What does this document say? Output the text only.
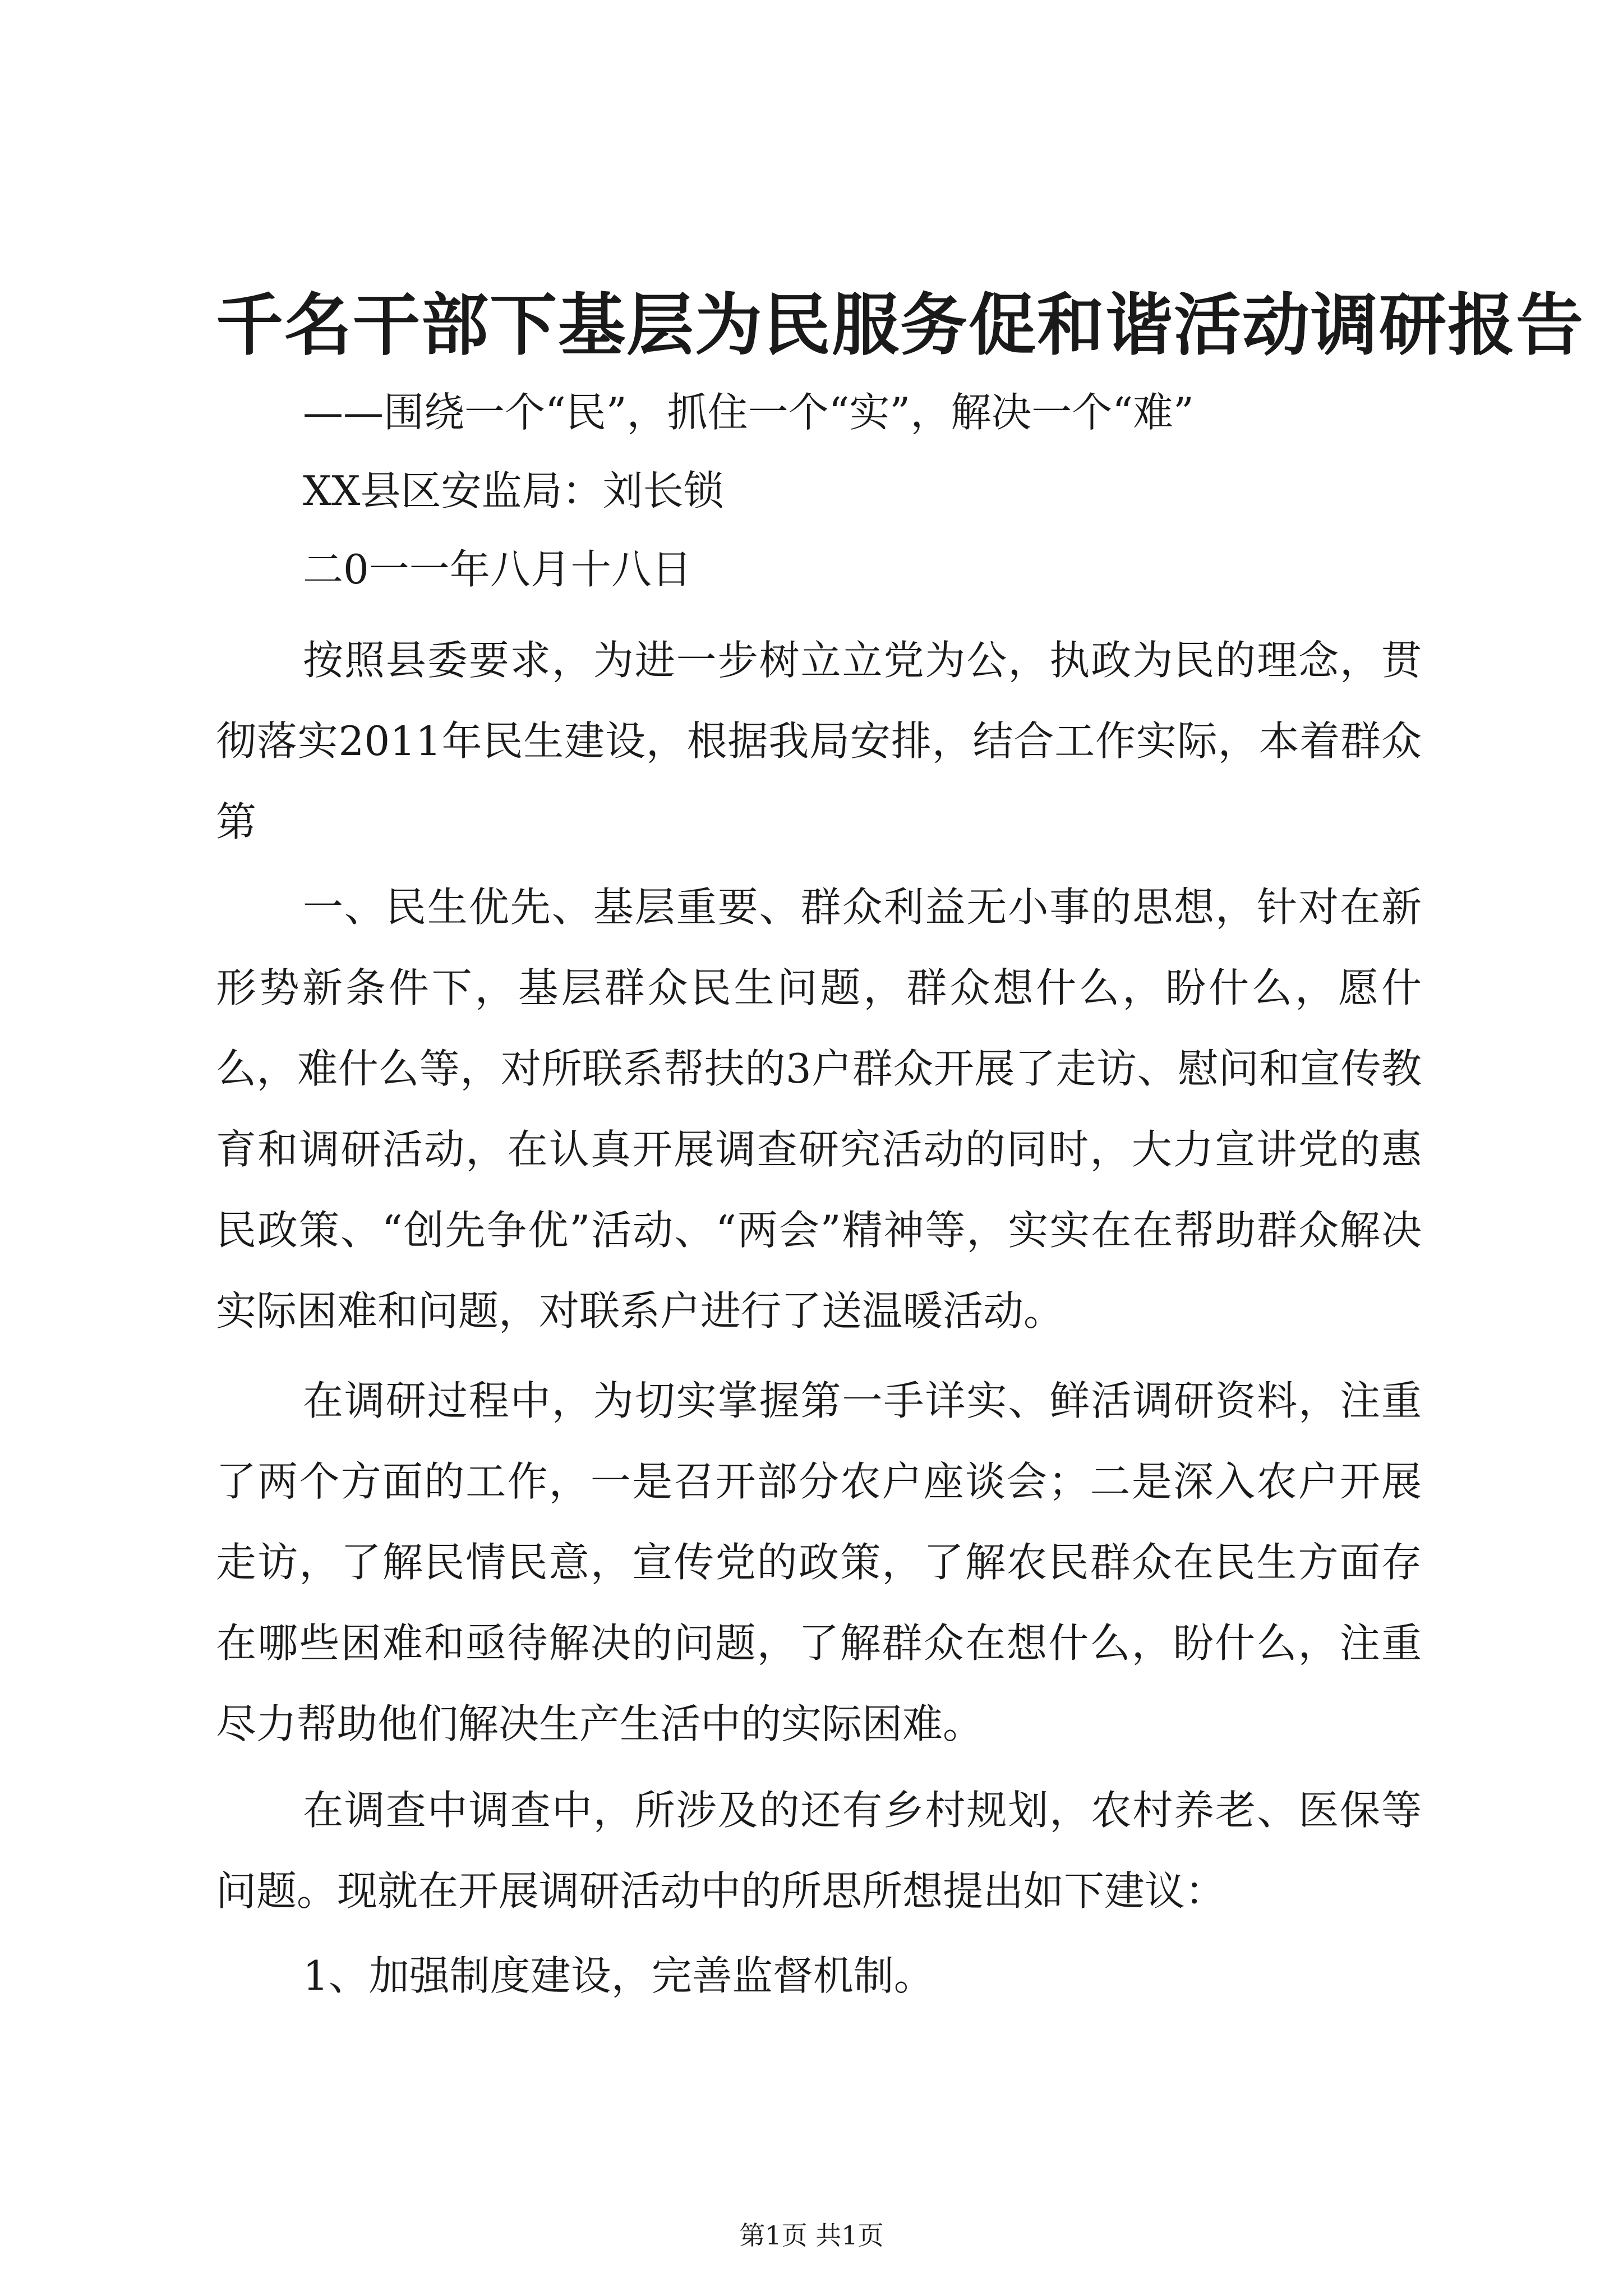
千名干部下基层为民服务促和谐活动调研报告
——围绕一个“民”，抓住一个“实”，解决一个“难”
XX县区安监局：刘长锁
二0一一年八月十八日
按照县委要求，为进一步树立立党为公，执政为民的理念，贯彻落实2011年民生建设，根据我局安排，结合工作实际，本着群众第
一、民生优先、基层重要、群众利益无小事的思想，针对在新形势新条件下，基层群众民生问题，群众想什么，盼什么，愿什么，难什么等，对所联系帮扶的3户群众开展了走访、慰问和宣传教育和调研活动，在认真开展调查研究活动的同时，大力宣讲党的惠民政策、“创先争优”活动、“两会”精神等，实实在在帮助群众解决实际困难和问题，对联系户进行了送温暖活动。
在调研过程中，为切实掌握第一手详实、鲜活调研资料，注重了两个方面的工作，一是召开部分农户座谈会；二是深入农户开展走访，了解民情民意，宣传党的政策，了解农民群众在民生方面存在哪些困难和亟待解决的问题，了解群众在想什么，盼什么，注重尽力帮助他们解决生产生活中的实际困难。
在调查中调查中，所涉及的还有乡村规划，农村养老、医保等问题。现就在开展调研活动中的所思所想提出如下建议：
1、加强制度建设，完善监督机制。
第1页 共1页
